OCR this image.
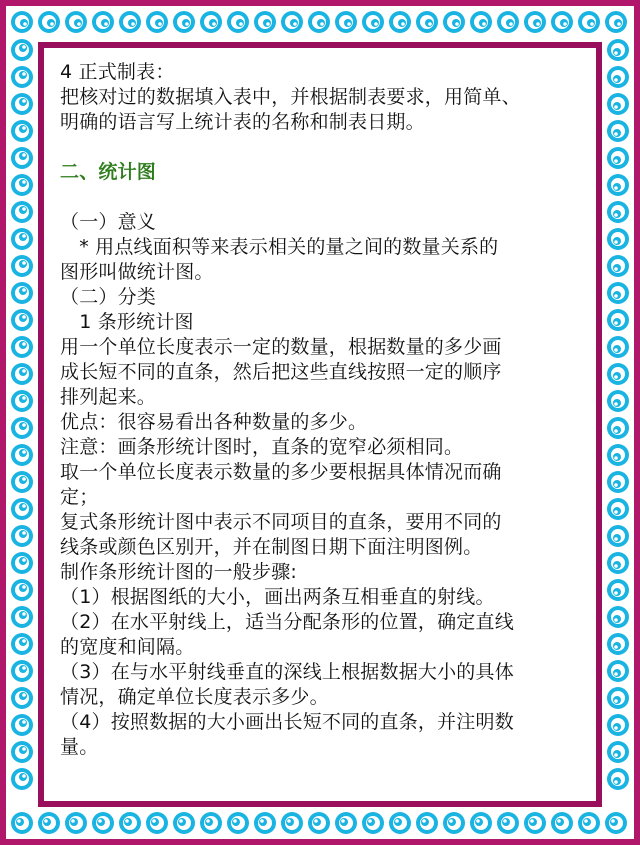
4 正式制表：
把核对过的数据填入表中，并根据制表要求，用简单、
明确的语言写上统计表的名称和制表日期。
二、统计图
（一）意义
　* 用点线面积等来表示相关的量之间的数量关系的
图形叫做统计图。
（二）分类
　1 条形统计图
用一个单位长度表示一定的数量，根据数量的多少画
成长短不同的直条，然后把这些直线按照一定的顺序
排列起来。
优点：很容易看出各种数量的多少。
注意：画条形统计图时，直条的宽窄必须相同。
取一个单位长度表示数量的多少要根据具体情况而确
定；
复式条形统计图中表示不同项目的直条，要用不同的
线条或颜色区别开，并在制图日期下面注明图例。
制作条形统计图的一般步骤:
（1）根据图纸的大小，画出两条互相垂直的射线。
（2）在水平射线上，适当分配条形的位置，确定直线
的宽度和间隔。
（3）在与水平射线垂直的深线上根据数据大小的具体
情况，确定单位长度表示多少。
（4）按照数据的大小画出长短不同的直条，并注明数
量。
